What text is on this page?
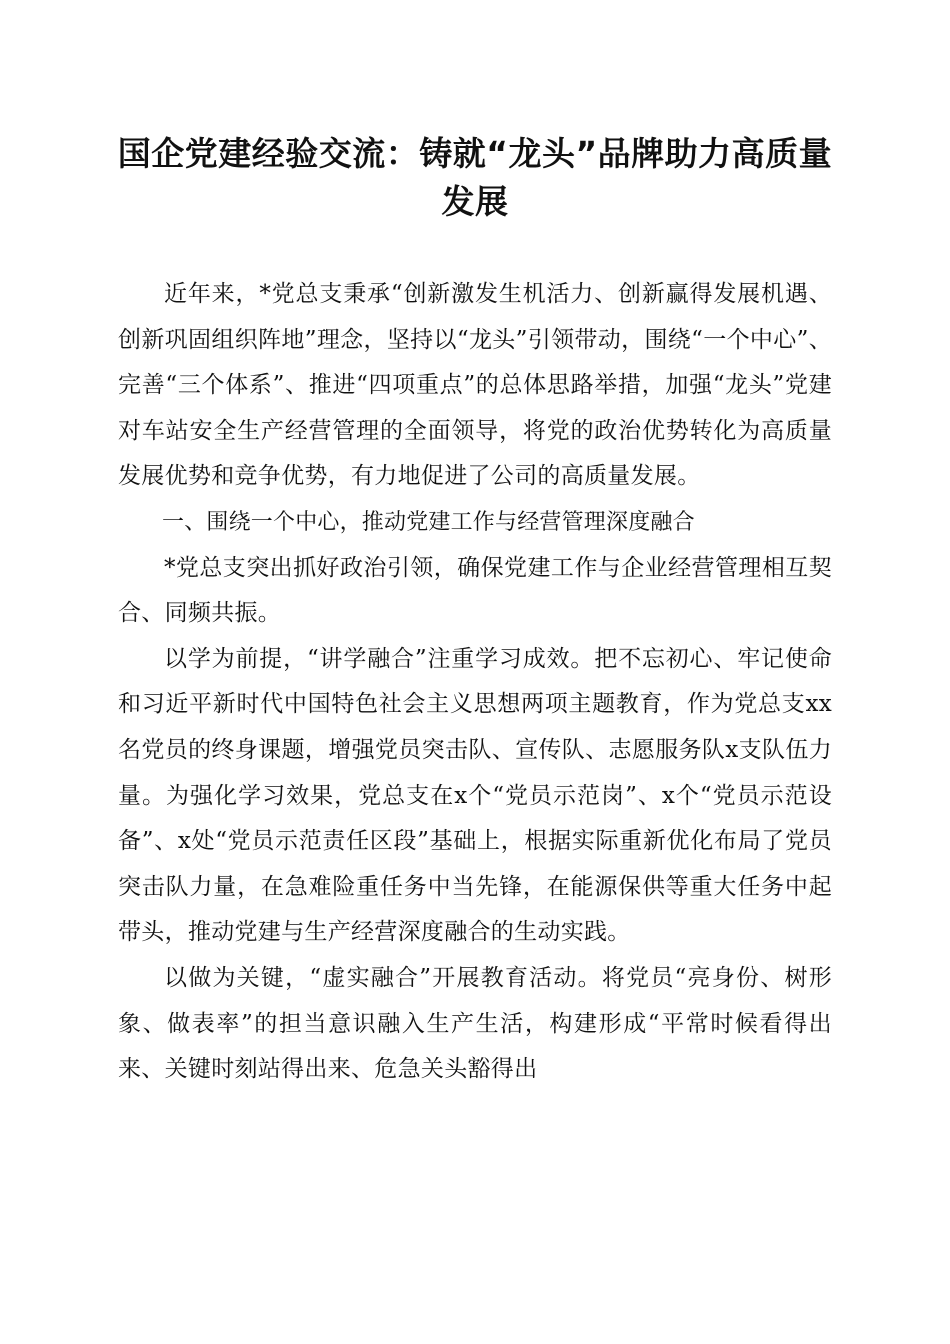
国企党建经验交流：铸就“龙头”品牌助力高质量发展

近年来，*党总支秉承“创新激发生机活力、创新赢得发展机遇、创新巩固组织阵地”理念，坚持以“龙头”引领带动，围绕“一个中心”、完善“三个体系”、推进“四项重点”的总体思路举措，加强“龙头”党建对车站安全生产经营管理的全面领导，将党的政治优势转化为高质量发展优势和竞争优势，有力地促进了公司的高质量发展。

一、围绕一个中心，推动党建工作与经营管理深度融合

*党总支突出抓好政治引领，确保党建工作与企业经营管理相互契合、同频共振。

以学为前提，“讲学融合”注重学习成效。把不忘初心、牢记使命和习近平新时代中国特色社会主义思想两项主题教育，作为党总支xx名党员的终身课题，增强党员突击队、宣传队、志愿服务队x支队伍力量。为强化学习效果，党总支在x个“党员示范岗”、x个“党员示范设备”、x处“党员示范责任区段”基础上，根据实际重新优化布局了党员突击队力量，在急难险重任务中当先锋，在能源保供等重大任务中起带头，推动党建与生产经营深度融合的生动实践。

以做为关键，“虚实融合”开展教育活动。将党员“亮身份、树形象、做表率”的担当意识融入生产生活，构建形成“平常时候看得出来、关键时刻站得出来、危急关头豁得出
